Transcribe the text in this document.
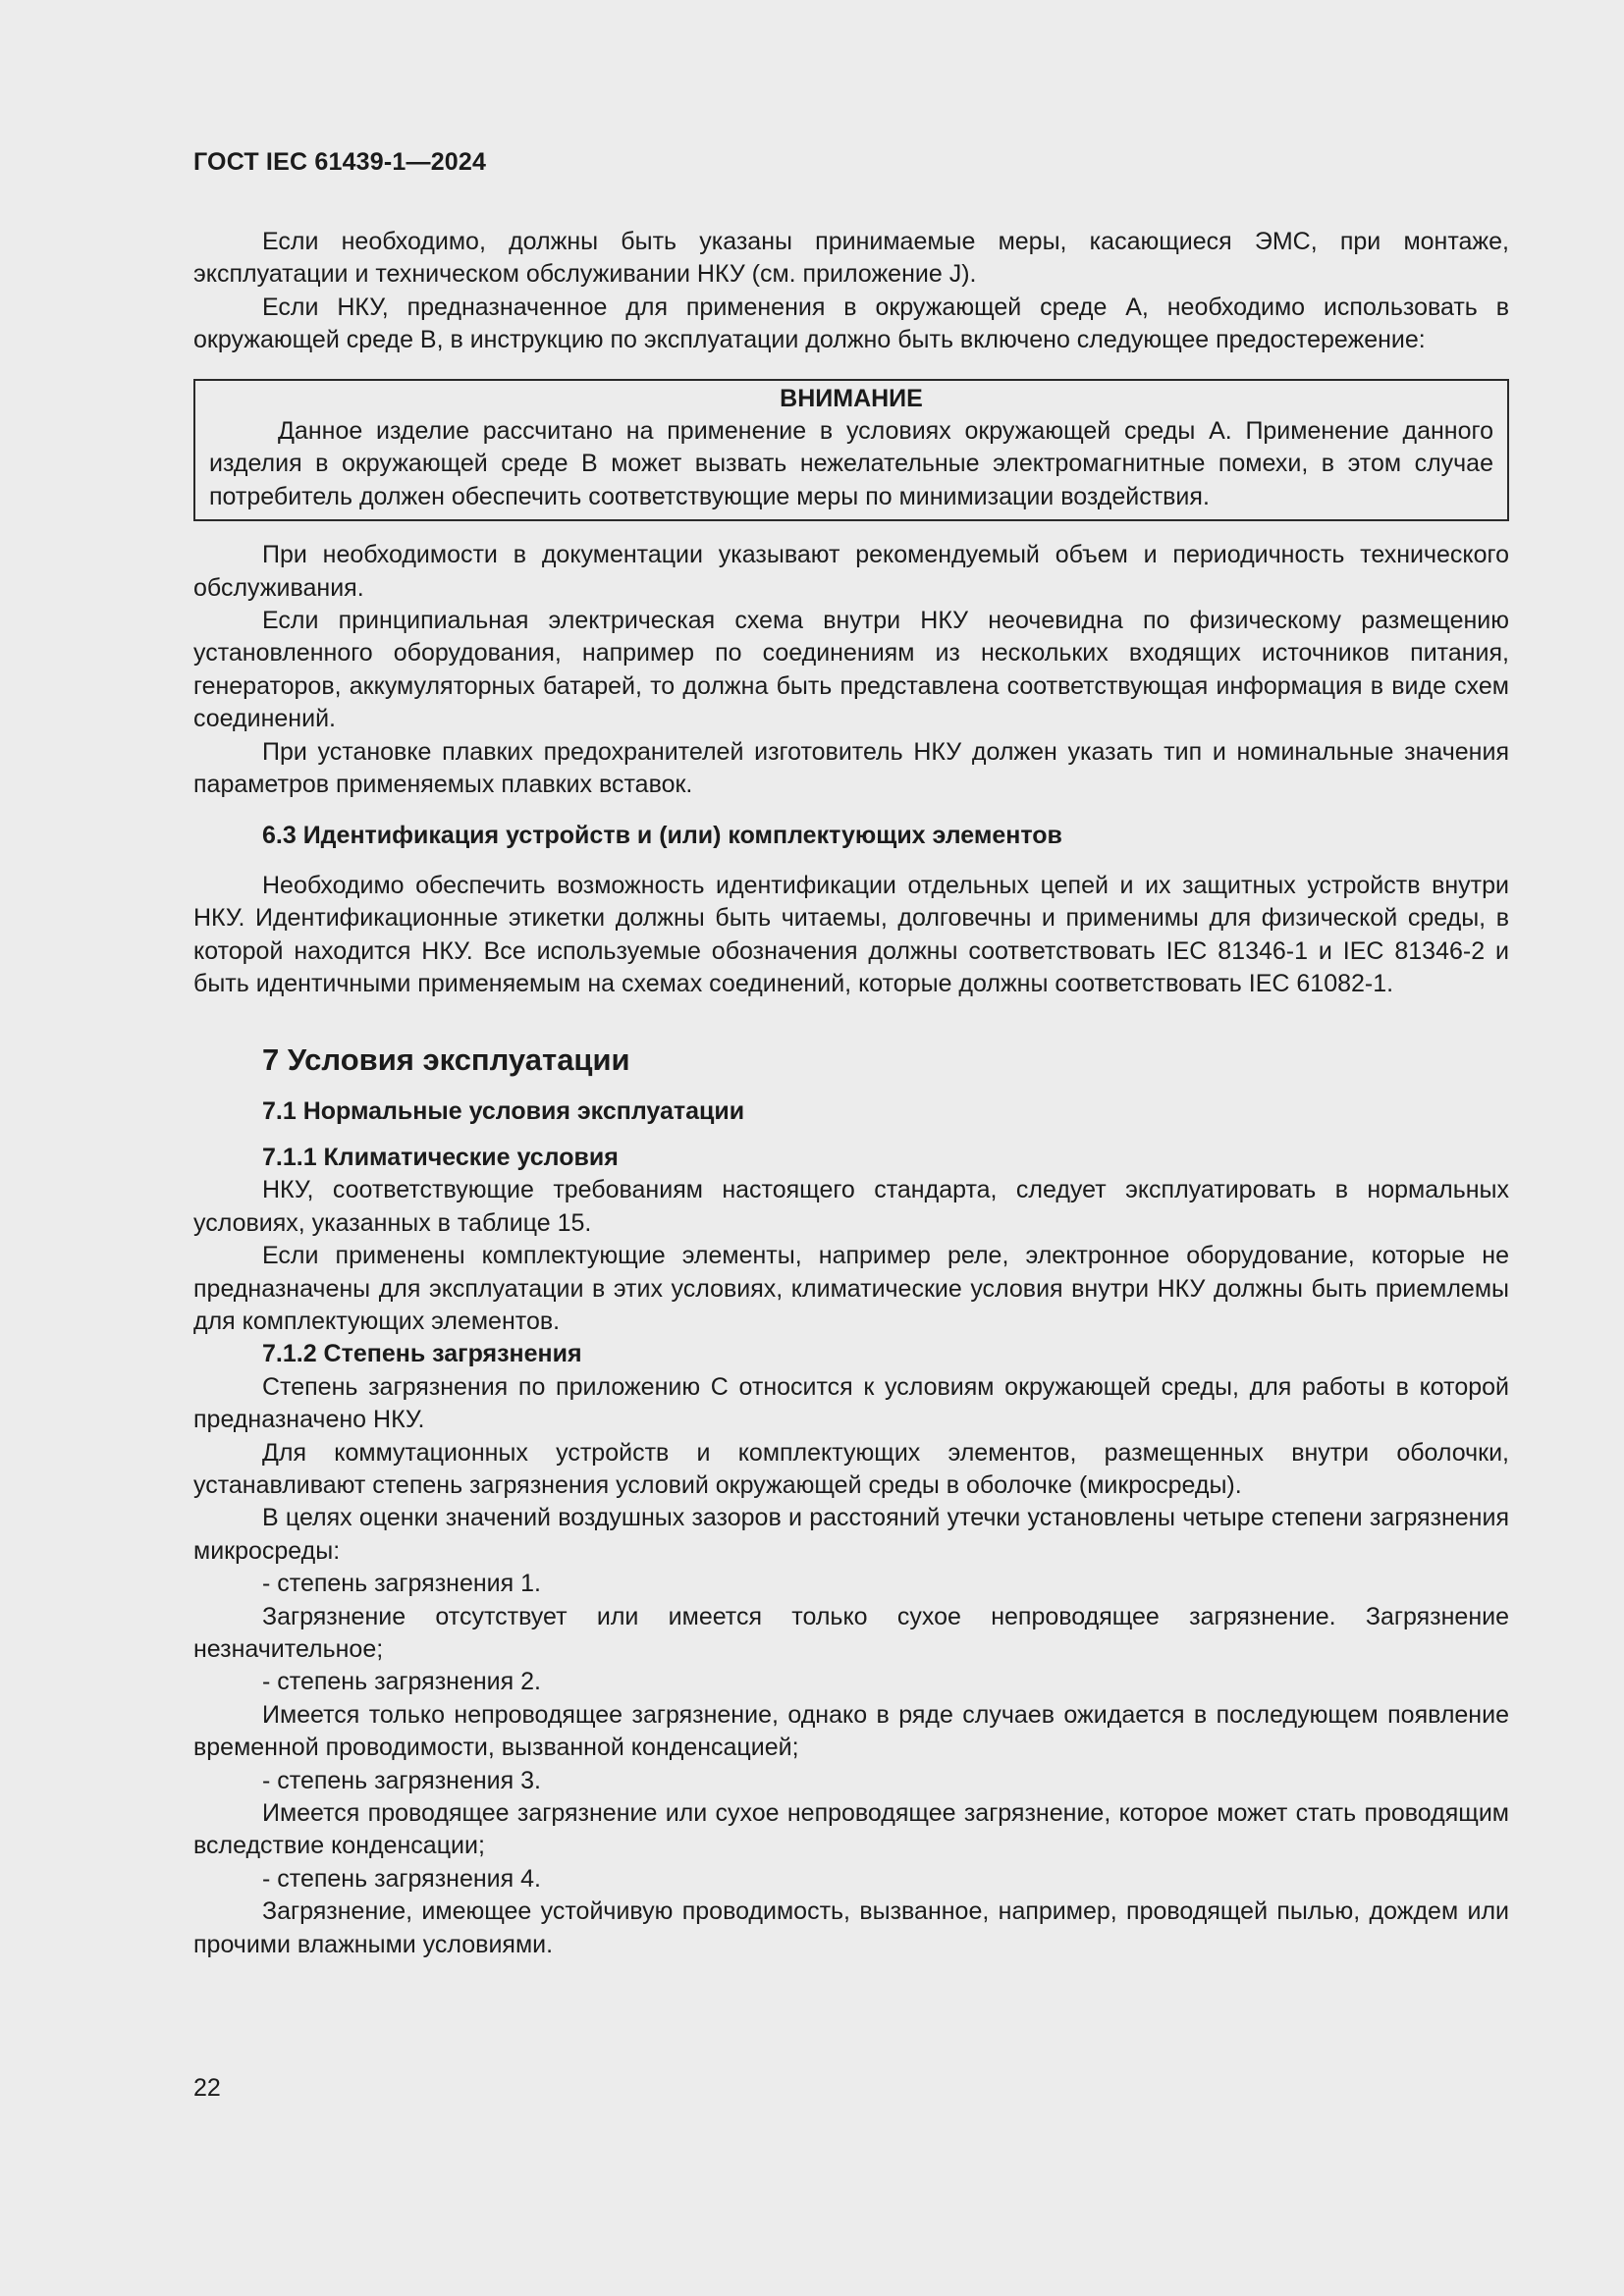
ГОСТ IEC 61439-1—2024

Если необходимо, должны быть указаны принимаемые меры, касающиеся ЭМС, при монтаже, эксплуатации и техническом обслуживании НКУ (см. приложение J).

Если НКУ, предназначенное для применения в окружающей среде А, необходимо использовать в окружающей среде В, в инструкцию по эксплуатации должно быть включено следующее предостережение:

ВНИМАНИЕ

Данное изделие рассчитано на применение в условиях окружающей среды А. Применение данного изделия в окружающей среде В может вызвать нежелательные электромагнитные помехи, в этом случае потребитель должен обеспечить соответствующие меры по минимизации воздействия.

При необходимости в документации указывают рекомендуемый объем и периодичность технического обслуживания.

Если принципиальная электрическая схема внутри НКУ неочевидна по физическому размещению установленного оборудования, например по соединениям из нескольких входящих источников питания, генераторов, аккумуляторных батарей, то должна быть представлена соответствующая информация в виде схем соединений.

При установке плавких предохранителей изготовитель НКУ должен указать тип и номинальные значения параметров применяемых плавких вставок.

6.3 Идентификация устройств и (или) комплектующих элементов

Необходимо обеспечить возможность идентификации отдельных цепей и их защитных устройств внутри НКУ. Идентификационные этикетки должны быть читаемы, долговечны и применимы для физической среды, в которой находится НКУ. Все используемые обозначения должны соответствовать IEC 81346-1 и IEC 81346-2 и быть идентичными применяемым на схемах соединений, которые должны соответствовать IEC 61082-1.

7 Условия эксплуатации
7.1 Нормальные условия эксплуатации
7.1.1 Климатические условия

НКУ, соответствующие требованиям настоящего стандарта, следует эксплуатировать в нормальных условиях, указанных в таблице 15.

Если применены комплектующие элементы, например реле, электронное оборудование, которые не предназначены для эксплуатации в этих условиях, климатические условия внутри НКУ должны быть приемлемы для комплектующих элементов.

7.1.2 Степень загрязнения

Степень загрязнения по приложению С относится к условиям окружающей среды, для работы в которой предназначено НКУ.

Для коммутационных устройств и комплектующих элементов, размещенных внутри оболочки, устанавливают степень загрязнения условий окружающей среды в оболочке (микросреды).

В целях оценки значений воздушных зазоров и расстояний утечки установлены четыре степени загрязнения микросреды:

- степень загрязнения 1.

Загрязнение отсутствует или имеется только сухое непроводящее загрязнение. Загрязнение незначительное;

- степень загрязнения 2.

Имеется только непроводящее загрязнение, однако в ряде случаев ожидается в последующем появление временной проводимости, вызванной конденсацией;

- степень загрязнения 3.

Имеется проводящее загрязнение или сухое непроводящее загрязнение, которое может стать проводящим вследствие конденсации;

- степень загрязнения 4.

Загрязнение, имеющее устойчивую проводимость, вызванное, например, проводящей пылью, дождем или прочими влажными условиями.

22
